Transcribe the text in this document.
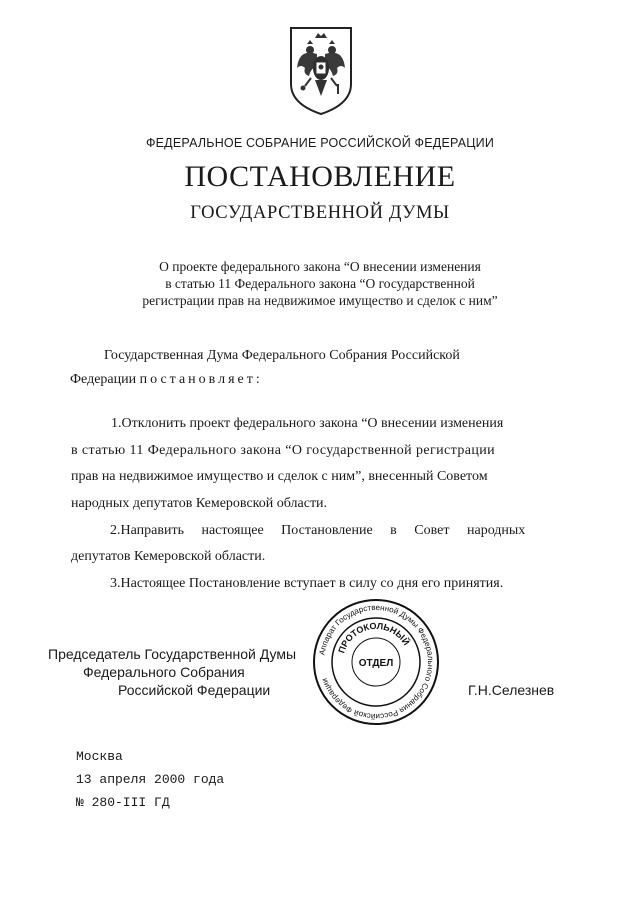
ФЕДЕРАЛЬНОЕ СОБРАНИЕ РОССИЙСКОЙ ФЕДЕРАЦИИ
ПОСТАНОВЛЕНИЕ
ГОСУДАРСТВЕННОЙ ДУМЫ
О проекте федерального закона “О внесении изменения
в статью 11 Федерального закона “О государственной
регистрации прав на недвижимое имущество и сделок с ним”
Государственная Дума Федерального Собрания Российской
Федерации постановляет:
1.Отклонить проект федерального закона “О внесении изменения
в статью 11 Федерального закона “О государственной регистрации
прав на недвижимое имущество и сделок с ним”, внесенный Советом
народных депутатов Кемеровской области.
2.Направить настоящее Постановление в Совет народных
депутатов Кемеровской области.
3.Настоящее Постановление вступает в силу со дня его принятия.
Председатель Государственной Думы
Федерального Собрания
Российской Федерации
Аппарат Государственной Думы Федерального Собрания Российской Федерации
ПРОТОКОЛЬНЫЙ
ОТДЕЛ
Г.Н.Селезнев
Москва
13 апреля 2000 года
№ 280-III ГД
